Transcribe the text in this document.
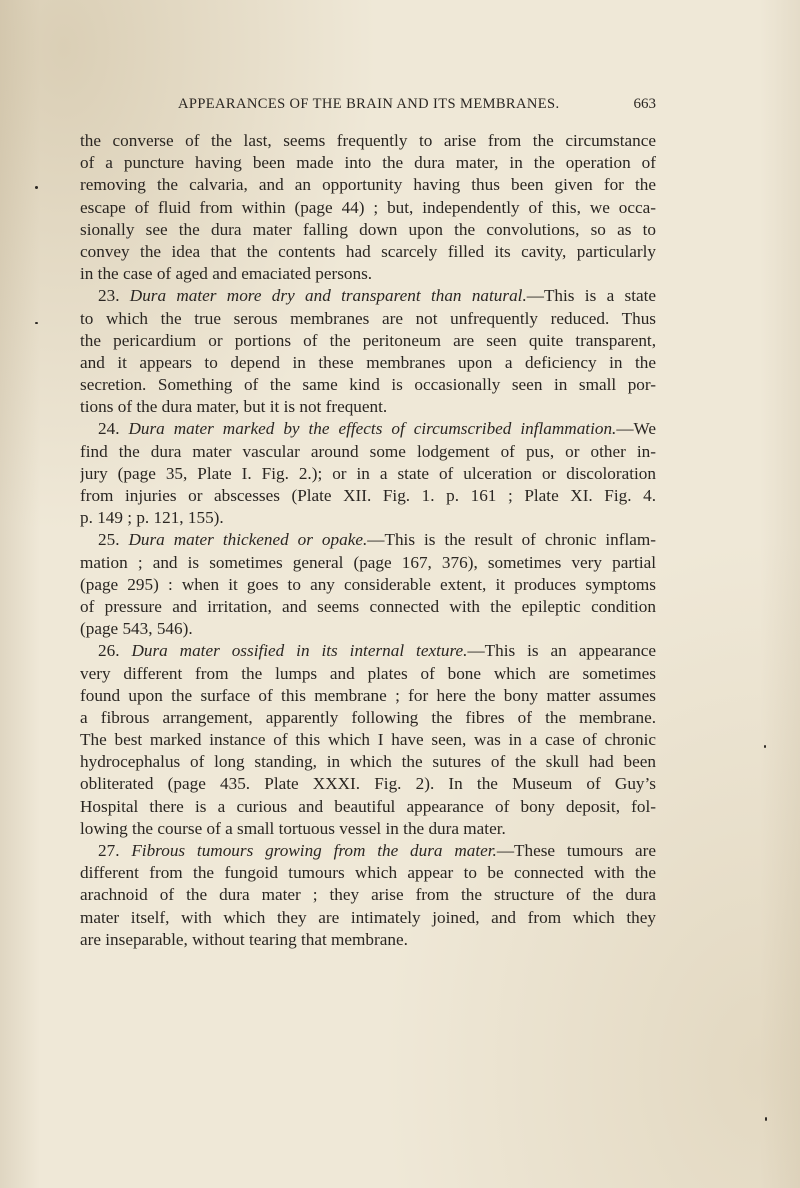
APPEARANCES OF THE BRAIN AND ITS MEMBRANES.	663
the converse of the last, seems frequently to arise from the circumstance
of a puncture having been made into the dura mater, in the operation of
removing the calvaria, and an opportunity having thus been given for the
escape of fluid from within (page 44) ; but, independently of this, we occa-
sionally see the dura mater falling down upon the convolutions, so as to
convey the idea that the contents had scarcely filled its cavity, particularly
in the case of aged and emaciated persons.
23. Dura mater more dry and transparent than natural.—This is a state
to which the true serous membranes are not unfrequently reduced. Thus
the pericardium or portions of the peritoneum are seen quite transparent,
and it appears to depend in these membranes upon a deficiency in the
secretion. Something of the same kind is occasionally seen in small por-
tions of the dura mater, but it is not frequent.
24. Dura mater marked by the effects of circumscribed inflammation.—We
find the dura mater vascular around some lodgement of pus, or other in-
jury (page 35, Plate I. Fig. 2.); or in a state of ulceration or discoloration
from injuries or abscesses (Plate XII. Fig. 1. p. 161 ; Plate XI. Fig. 4.
p. 149 ; p. 121, 155).
25. Dura mater thickened or opake.—This is the result of chronic inflam-
mation ; and is sometimes general (page 167, 376), sometimes very partial
(page 295) : when it goes to any considerable extent, it produces symptoms
of pressure and irritation, and seems connected with the epileptic condition
(page 543, 546).
26. Dura mater ossified in its internal texture.—This is an appearance
very different from the lumps and plates of bone which are sometimes
found upon the surface of this membrane ; for here the bony matter assumes
a fibrous arrangement, apparently following the fibres of the membrane.
The best marked instance of this which I have seen, was in a case of chronic
hydrocephalus of long standing, in which the sutures of the skull had been
obliterated (page 435. Plate XXXI. Fig. 2). In the Museum of Guy’s
Hospital there is a curious and beautiful appearance of bony deposit, fol-
lowing the course of a small tortuous vessel in the dura mater.
27. Fibrous tumours growing from the dura mater.—These tumours are
different from the fungoid tumours which appear to be connected with the
arachnoid of the dura mater ; they arise from the structure of the dura
mater itself, with which they are intimately joined, and from which they
are inseparable, without tearing that membrane.
